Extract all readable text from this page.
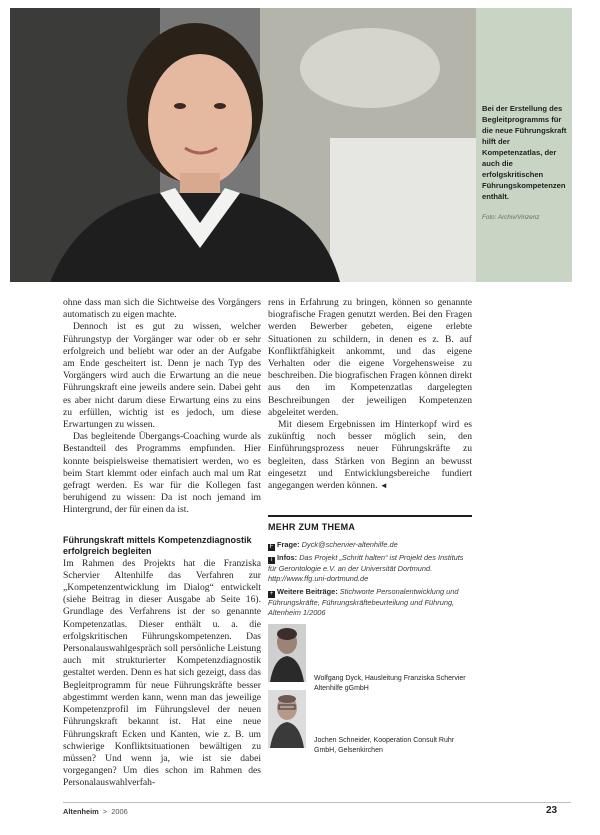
Bei der Erstellung des Begleitprogramms für die neue Führungskraft hilft der Kompetenzatlas, der auch die erfolgskritischen Führungskompetenzen enthält.
Foto: Archiv/Vinzenz

ohne dass man sich die Sichtweise des Vorgängers automatisch zu eigen machte.

Dennoch ist es gut zu wissen, welcher Führungstyp der Vorgänger war oder ob er sehr erfolgreich und beliebt war oder an der Aufgabe am Ende gescheitert ist. Denn je nach Typ des Vorgängers wird auch die Erwartung an die neue Führungskraft eine jeweils andere sein. Dabei geht es aber nicht darum diese Erwartung eins zu eins zu erfüllen, wichtig ist es jedoch, um diese Erwartungen zu wissen.

Das begleitende Übergangs-Coaching wurde als Bestandteil des Programms empfunden. Hier konnte beispielsweise thematisiert werden, wo es beim Start klemmt oder einfach auch mal um Rat gefragt werden. Es war für die Kollegen fast beruhigend zu wissen: Da ist noch jemand im Hintergrund, der für einen da ist.

Führungskraft mittels Kompetenzdiagnostik erfolgreich begleiten

Im Rahmen des Projekts hat die Franziska Schervier Altenhilfe das Verfahren zur „Kompetenzentwicklung im Dialog“ entwickelt (siehe Beitrag in dieser Ausgabe ab Seite 16). Grundlage des Verfahrens ist der so genannte Kompetenzatlas. Dieser enthält u. a. die erfolgskritischen Führungskompetenzen. Das Personalauswahlgespräch soll persönliche Leistung auch mit strukturierter Kompetenzdiagnostik gestaltet werden. Denn es hat sich gezeigt, dass das Begleitprogramm für neue Führungskräfte besser abgestimmt werden kann, wenn man das jeweilige Kompetenzprofil im Führungslevel der neuen Führungskraft bekannt ist. Hat eine neue Führungskraft Ecken und Kanten, wie z. B. um schwierige Konfliktsituationen bewältigen zu müssen? Und wenn ja, wie ist sie dabei vorgegangen? Um dies schon im Rahmen des Personalauswahlverfah-

rens in Erfahrung zu bringen, können so genannte biografische Fragen genutzt werden. Bei den Fragen werden Bewerber gebeten, eigene erlebte Situationen zu schildern, in denen es z. B. auf Konfliktfähigkeit ankommt, und das eigene Verhalten oder die eigene Vorgehensweise zu beschreiben. Die biografischen Fragen können direkt aus den im Kompetenzatlas dargelegten Beschreibungen der jeweiligen Kompetenzen abgeleitet werden.

Mit diesem Ergebnissen im Hinterkopf wird es zukünftig noch besser möglich sein, den Einführungsprozess neuer Führungskräfte zu begleiten, dass Stärken von Beginn an bewusst eingesetzt und Entwicklungsbereiche fundiert angegangen werden können. ◄

MEHR ZUM THEMA
F Frage: Dyck@schervier-altenhilfe.de
i Infos: Das Projekt „Schritt halten“ ist Projekt des Instituts für Gerontologie e.V. an der Universität Dortmund. http://www.ffg.uni-dortmund.de
+ Weitere Beiträge: Stichworte Personalentwicklung und Führungskräfte, Führungskräftebeurteilung und Führung, Altenheim 1/2006
Wolfgang Dyck, Hausleitung Franziska Schervier Altenhilfe gGmbH
Jochen Schneider, Kooperation Consult Ruhr GmbH, Gelsenkirchen
Altenheim  >  2006	23
